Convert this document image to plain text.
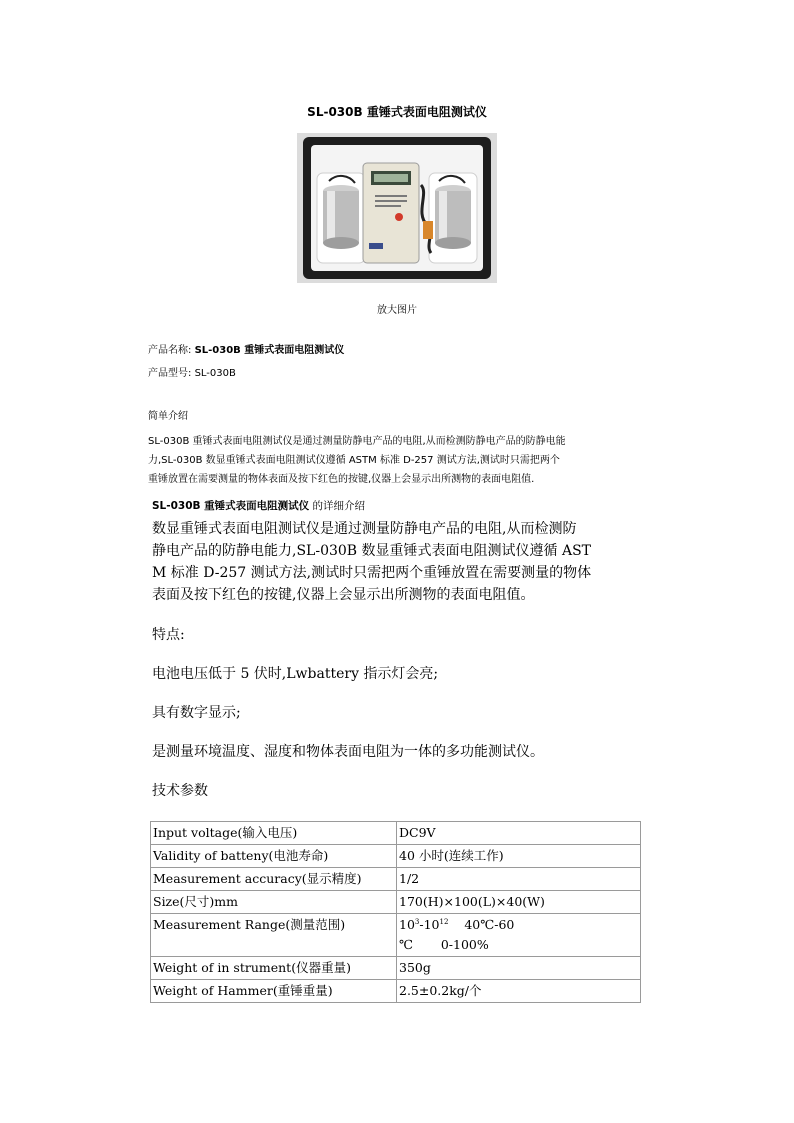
SL-030B 重锤式表面电阻测试仪
放大图片
产品名称: SL-030B 重锤式表面电阻测试仪
产品型号: SL-030B
简单介绍
SL-030B 重锤式表面电阻测试仪是通过测量防静电产品的电阻,从而检测防静电产品的防静电能
力,SL-030B 数显重锤式表面电阻测试仪遵循 ASTM 标准 D-257 测试方法,测试时只需把两个
重锤放置在需要测量的物体表面及按下红色的按键,仪器上会显示出所测物的表面电阻值.
SL-030B 重锤式表面电阻测试仪 的详细介绍
数显重锤式表面电阻测试仪是通过测量防静电产品的电阻,从而检测防
静电产品的防静电能力,SL-030B 数显重锤式表面电阻测试仪遵循 AST
M 标准 D-257 测试方法,测试时只需把两个重锤放置在需要测量的物体
表面及按下红色的按键,仪器上会显示出所测物的表面电阻值。
特点:
电池电压低于 5 伏时,Lwbattery 指示灯会亮;
具有数字显示;
是测量环境温度、湿度和物体表面电阻为一体的多功能测试仪。
技术参数
Input voltage(输入电压)	DC9V
Validity of batteny(电池寿命)	40 小时(连续工作)
Measurement accuracy(显示精度)	1/2
Size(尺寸)mm	170(H)×100(L)×40(W)
Measurement Range(测量范围)	$10^3-10^{12}$ 40℃-60
℃ 0-100%

Weight of in strument(仪器重量)	350g
Weight of Hammer(重锤重量)	2.5±0.2kg/个
